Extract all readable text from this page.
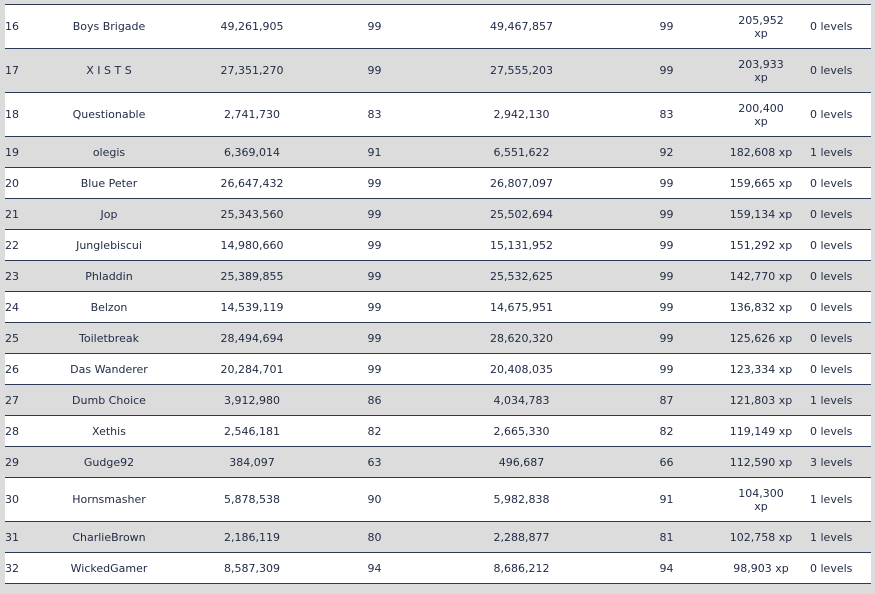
16	Boys Brigade	49,261,905	99	49,467,857	99	205,952 xp	0 levels
17	X I S T S	27,351,270	99	27,555,203	99	203,933 xp	0 levels
18	Questionable	2,741,730	83	2,942,130	83	200,400 xp	0 levels
19	olegis	6,369,014	91	6,551,622	92	182,608 xp	1 levels
20	Blue Peter	26,647,432	99	26,807,097	99	159,665 xp	0 levels
21	Jop	25,343,560	99	25,502,694	99	159,134 xp	0 levels
22	Junglebiscui	14,980,660	99	15,131,952	99	151,292 xp	0 levels
23	Phladdin	25,389,855	99	25,532,625	99	142,770 xp	0 levels
24	Belzon	14,539,119	99	14,675,951	99	136,832 xp	0 levels
25	Toiletbreak	28,494,694	99	28,620,320	99	125,626 xp	0 levels
26	Das Wanderer	20,284,701	99	20,408,035	99	123,334 xp	0 levels
27	Dumb Choice	3,912,980	86	4,034,783	87	121,803 xp	1 levels
28	Xethis	2,546,181	82	2,665,330	82	119,149 xp	0 levels
29	Gudge92	384,097	63	496,687	66	112,590 xp	3 levels
30	Hornsmasher	5,878,538	90	5,982,838	91	104,300 xp	1 levels
31	CharlieBrown	2,186,119	80	2,288,877	81	102,758 xp	1 levels
32	WickedGamer	8,587,309	94	8,686,212	94	98,903 xp	0 levels
